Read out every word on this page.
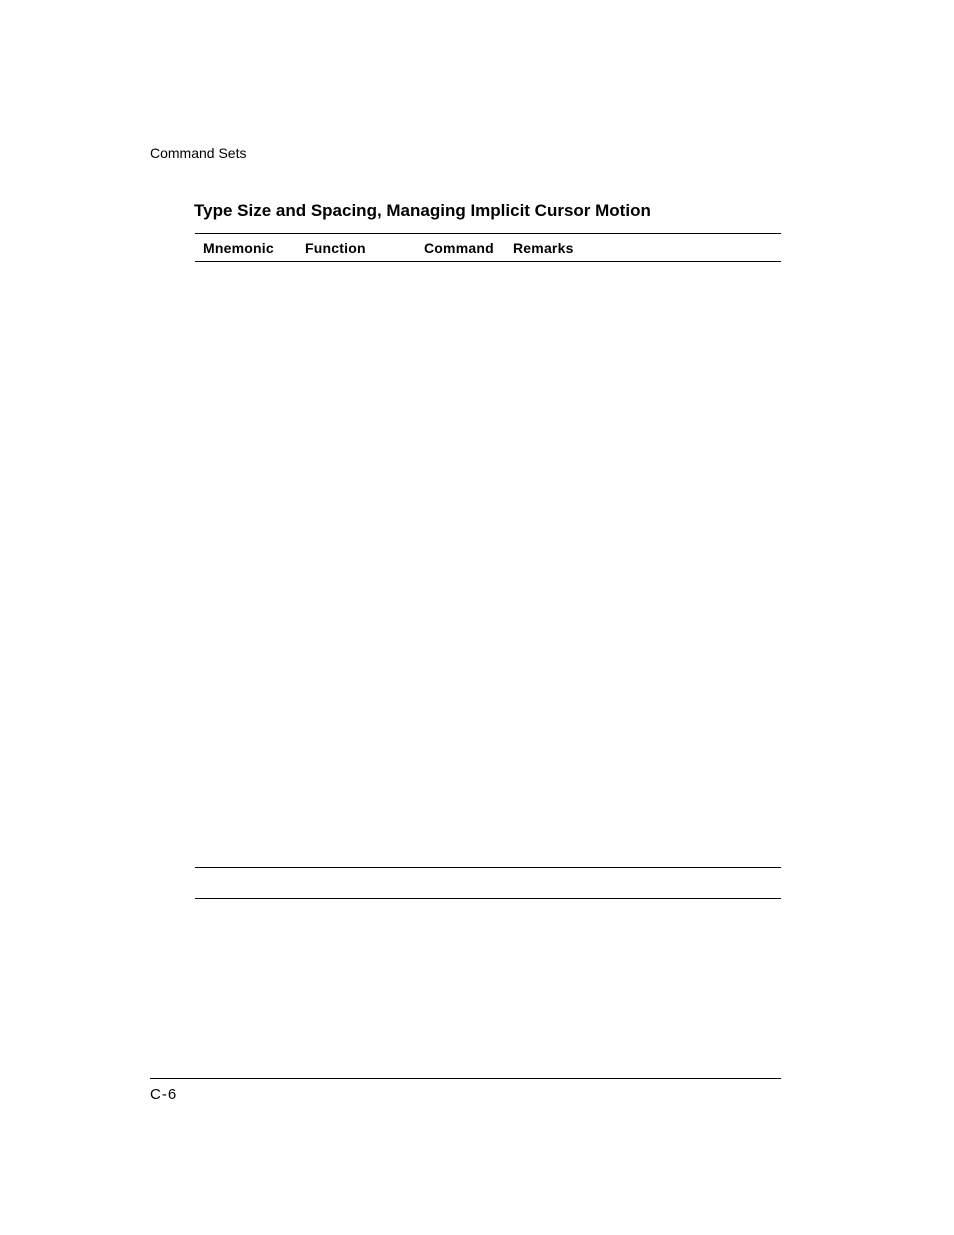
Command Sets
Type Size and Spacing, Managing Implicit Cursor Motion
Mnemonic Function	Command Remarks
C-6
